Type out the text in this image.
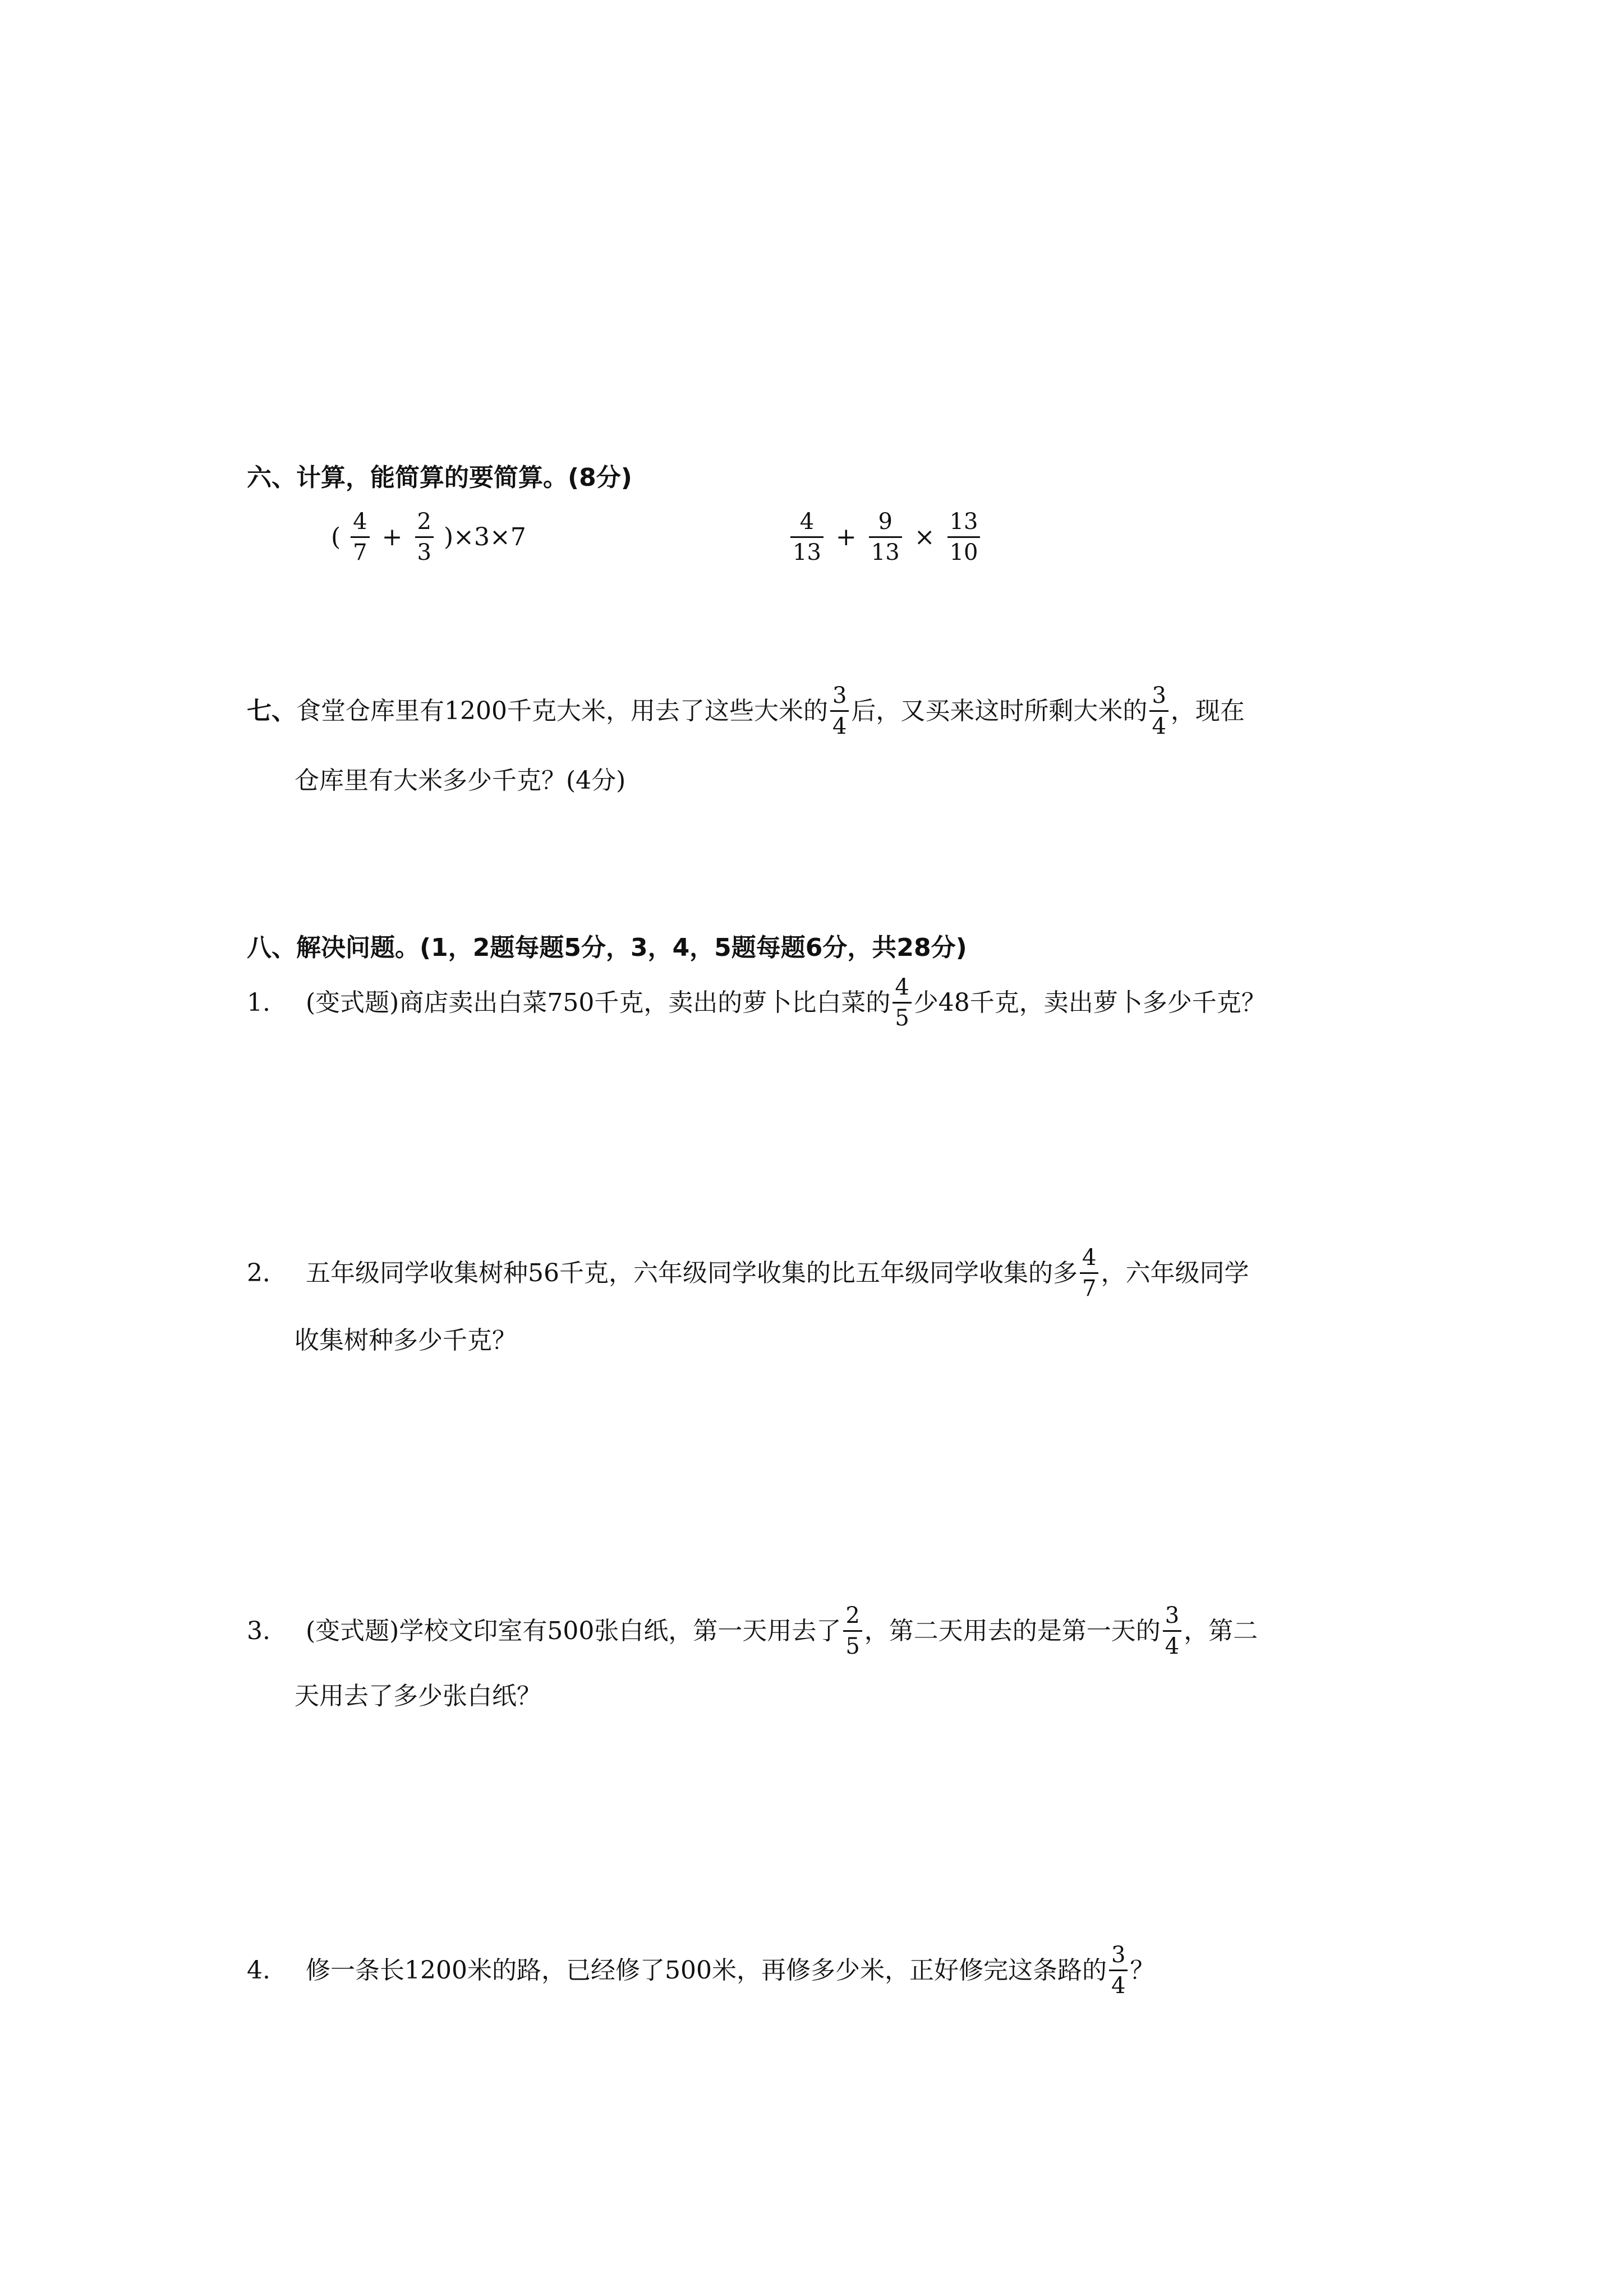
六、计算，能简算的要简算。(8分)
( $\frac{4}{7} + \frac{2}{3} )\times 3\times 7$	$\frac{4}{13} + \frac{9}{13} \times \frac{13}{10}$
七、食堂仓库里有1200千克大米，用去了这些大米的 $\frac{3}{4}$ 后，又买来这时所剩大米的 $\frac{3}{4}$ ，现在
仓库里有大米多少千克？(4分)
八、解决问题。(1，2题每题5分，3，4，5题每题6分，共28分)
1. (变式题)商店卖出白菜750千克，卖出的萝卜比白菜的 $\frac{4}{5}$ 少48千克，卖出萝卜多少千克？
2． 五年级同学收集树种56千克，六年级同学收集的比五年级同学收集的多 $\frac{4}{7}$ ，六年级同学
收集树种多少千克？
3. (变式题)学校文印室有500张白纸，第一天用去了 $\frac{2}{5}$ ，第二天用去的是第一天的 $\frac{3}{4}$ ，第二
天用去了多少张白纸？
4. 修一条长1200米的路，已经修了500米，再修多少米，正好修完这条路的 $\frac{3}{4}$ ？
